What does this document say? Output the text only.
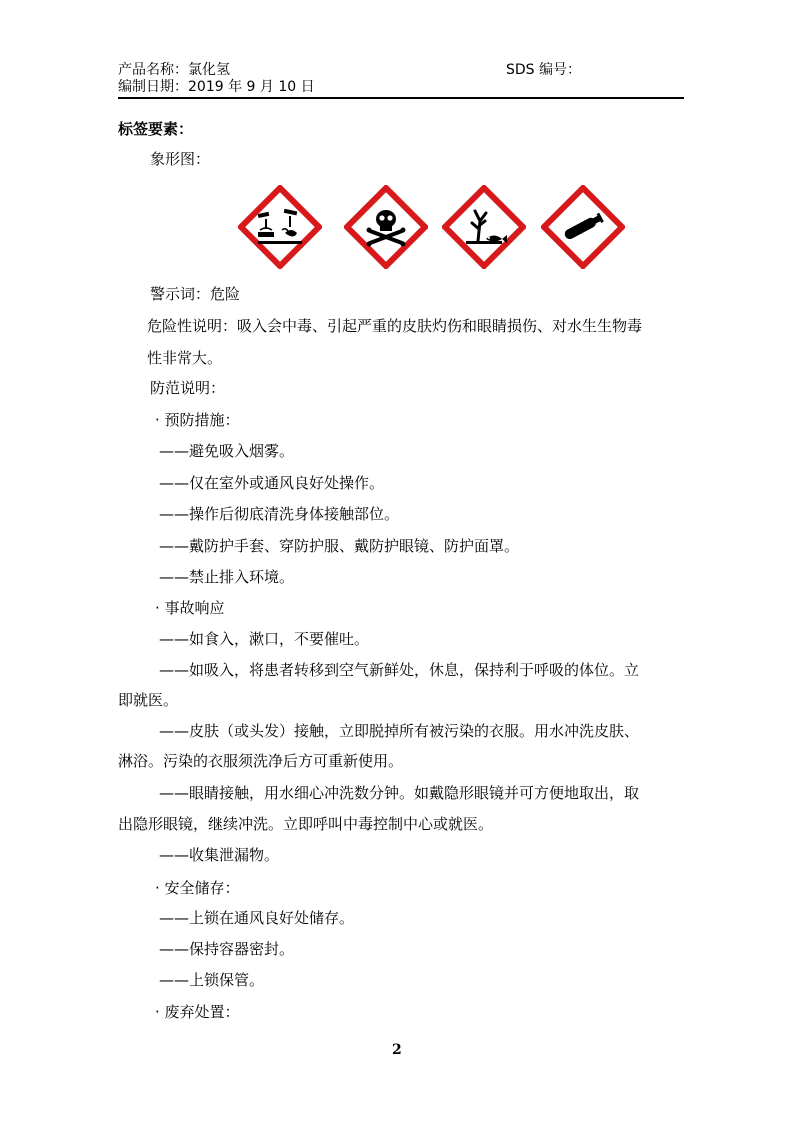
产品名称： 氯化氢	SDS 编号：
编制日期： 2019 年 9 月 10 日
标签要素：
象形图：
警示词：危险
危险性说明：吸入会中毒、引起严重的皮肤灼伤和眼睛损伤、对水生生物毒
性非常大。
防范说明：
· 预防措施：
——避免吸入烟雾。
——仅在室外或通风良好处操作。
——操作后彻底清洗身体接触部位。
——戴防护手套、穿防护服、戴防护眼镜、防护面罩。
——禁止排入环境。
· 事故响应
——如食入，漱口，不要催吐。
——如吸入，将患者转移到空气新鲜处，休息，保持利于呼吸的体位。立
即就医。
——皮肤（或头发）接触，立即脱掉所有被污染的衣服。用水冲洗皮肤、
淋浴。污染的衣服须洗净后方可重新使用。
——眼睛接触，用水细心冲洗数分钟。如戴隐形眼镜并可方便地取出，取
出隐形眼镜，继续冲洗。立即呼叫中毒控制中心或就医。
——收集泄漏物。
· 安全储存：
——上锁在通风良好处储存。
——保持容器密封。
——上锁保管。
· 废弃处置：
2
